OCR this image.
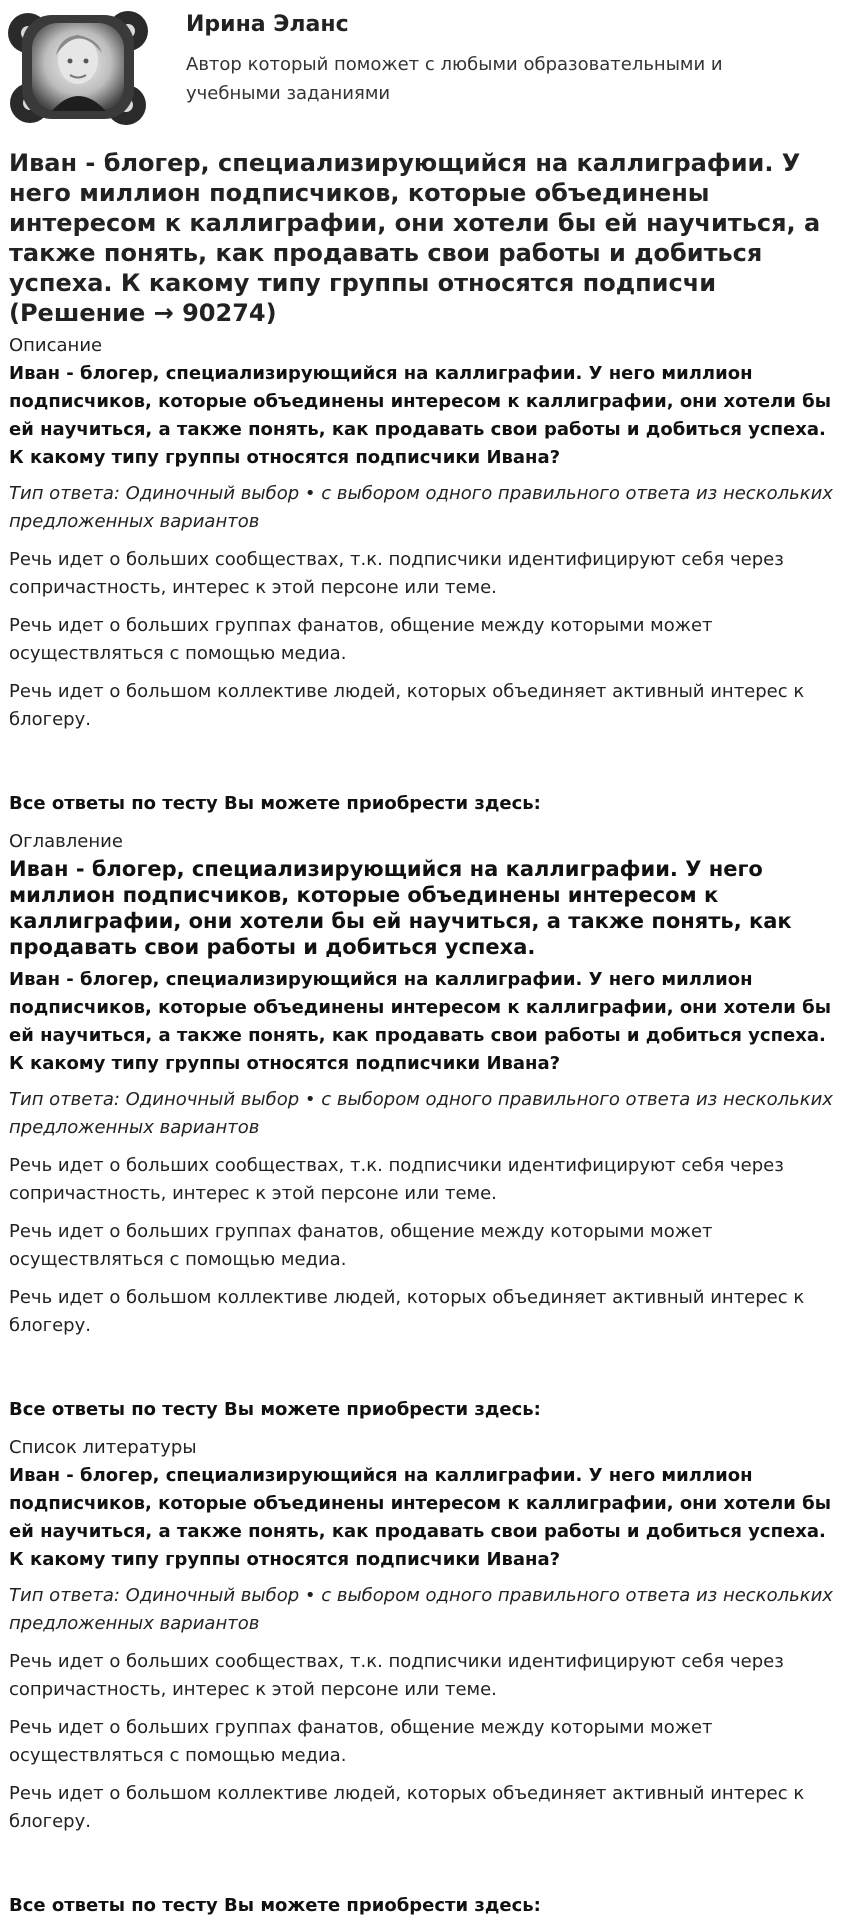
Ирина Эланс
Автор который поможет с любыми образовательными и учебными заданиями
Иван - блогер, специализирующийся на каллиграфии. У него миллион подписчиков, которые объединены интересом к каллиграфии, они хотели бы ей научиться, а также понять, как продавать свои работы и добиться успеха. К какому типу группы относятся подписчи (Решение → 90274)
Описание
Иван - блогер, специализирующийся на каллиграфии. У него миллион подписчиков, которые объединены интересом к каллиграфии, они хотели бы ей научиться, а также понять, как продавать свои работы и добиться успеха. К какому типу группы относятся подписчики Ивана?
Тип ответа: Одиночный выбор • с выбором одного правильного ответа из нескольких предложенных вариантов
Речь идет о больших сообществах, т.к. подписчики идентифицируют себя через сопричастность, интерес к этой персоне или теме.
Речь идет о больших группах фанатов, общение между которыми может осуществляться с помощью медиа.
Речь идет о большом коллективе людей, которых объединяет активный интерес к блогеру.
Все ответы по тесту Вы можете приобрести здесь:
Оглавление
Иван - блогер, специализирующийся на каллиграфии. У него миллион подписчиков, которые объединены интересом к каллиграфии, они хотели бы ей научиться, а также понять, как продавать свои работы и добиться успеха.
Иван - блогер, специализирующийся на каллиграфии. У него миллион подписчиков, которые объединены интересом к каллиграфии, они хотели бы ей научиться, а также понять, как продавать свои работы и добиться успеха. К какому типу группы относятся подписчики Ивана?
Тип ответа: Одиночный выбор • с выбором одного правильного ответа из нескольких предложенных вариантов
Речь идет о больших сообществах, т.к. подписчики идентифицируют себя через сопричастность, интерес к этой персоне или теме.
Речь идет о больших группах фанатов, общение между которыми может осуществляться с помощью медиа.
Речь идет о большом коллективе людей, которых объединяет активный интерес к блогеру.
Все ответы по тесту Вы можете приобрести здесь:
Список литературы
Иван - блогер, специализирующийся на каллиграфии. У него миллион подписчиков, которые объединены интересом к каллиграфии, они хотели бы ей научиться, а также понять, как продавать свои работы и добиться успеха. К какому типу группы относятся подписчики Ивана?
Тип ответа: Одиночный выбор • с выбором одного правильного ответа из нескольких предложенных вариантов
Речь идет о больших сообществах, т.к. подписчики идентифицируют себя через сопричастность, интерес к этой персоне или теме.
Речь идет о больших группах фанатов, общение между которыми может осуществляться с помощью медиа.
Речь идет о большом коллективе людей, которых объединяет активный интерес к блогеру.
Все ответы по тесту Вы можете приобрести здесь:
